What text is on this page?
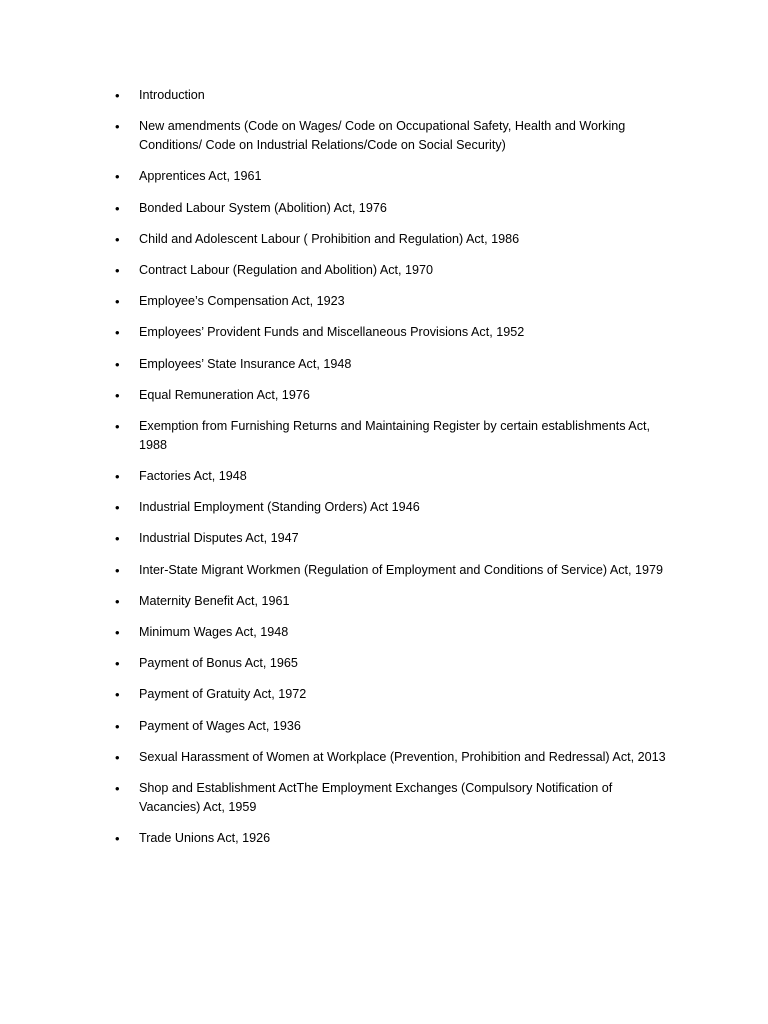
• Introduction
• New amendments (Code on Wages/ Code on Occupational Safety, Health and Working Conditions/ Code on Industrial Relations/Code on Social Security)
• Apprentices Act, 1961
• Bonded Labour System (Abolition) Act, 1976
• Child and Adolescent Labour ( Prohibition and Regulation) Act, 1986
• Contract Labour (Regulation and Abolition) Act, 1970
• Employee’s Compensation Act, 1923
• Employees’ Provident Funds and Miscellaneous Provisions Act, 1952
• Employees’ State Insurance Act, 1948
• Equal Remuneration Act, 1976
• Exemption from Furnishing Returns and Maintaining Register by certain establishments Act, 1988
• Factories Act, 1948
• Industrial Employment (Standing Orders) Act 1946
• Industrial Disputes Act, 1947
• Inter-State Migrant Workmen (Regulation of Employment and Conditions of Service) Act, 1979
• Maternity Benefit Act, 1961
• Minimum Wages Act, 1948
• Payment of Bonus Act, 1965
• Payment of Gratuity Act, 1972
• Payment of Wages Act, 1936
• Sexual Harassment of Women at Workplace (Prevention, Prohibition and Redressal) Act, 2013
• Shop and Establishment ActThe Employment Exchanges (Compulsory Notification of Vacancies) Act, 1959
• Trade Unions Act, 1926
